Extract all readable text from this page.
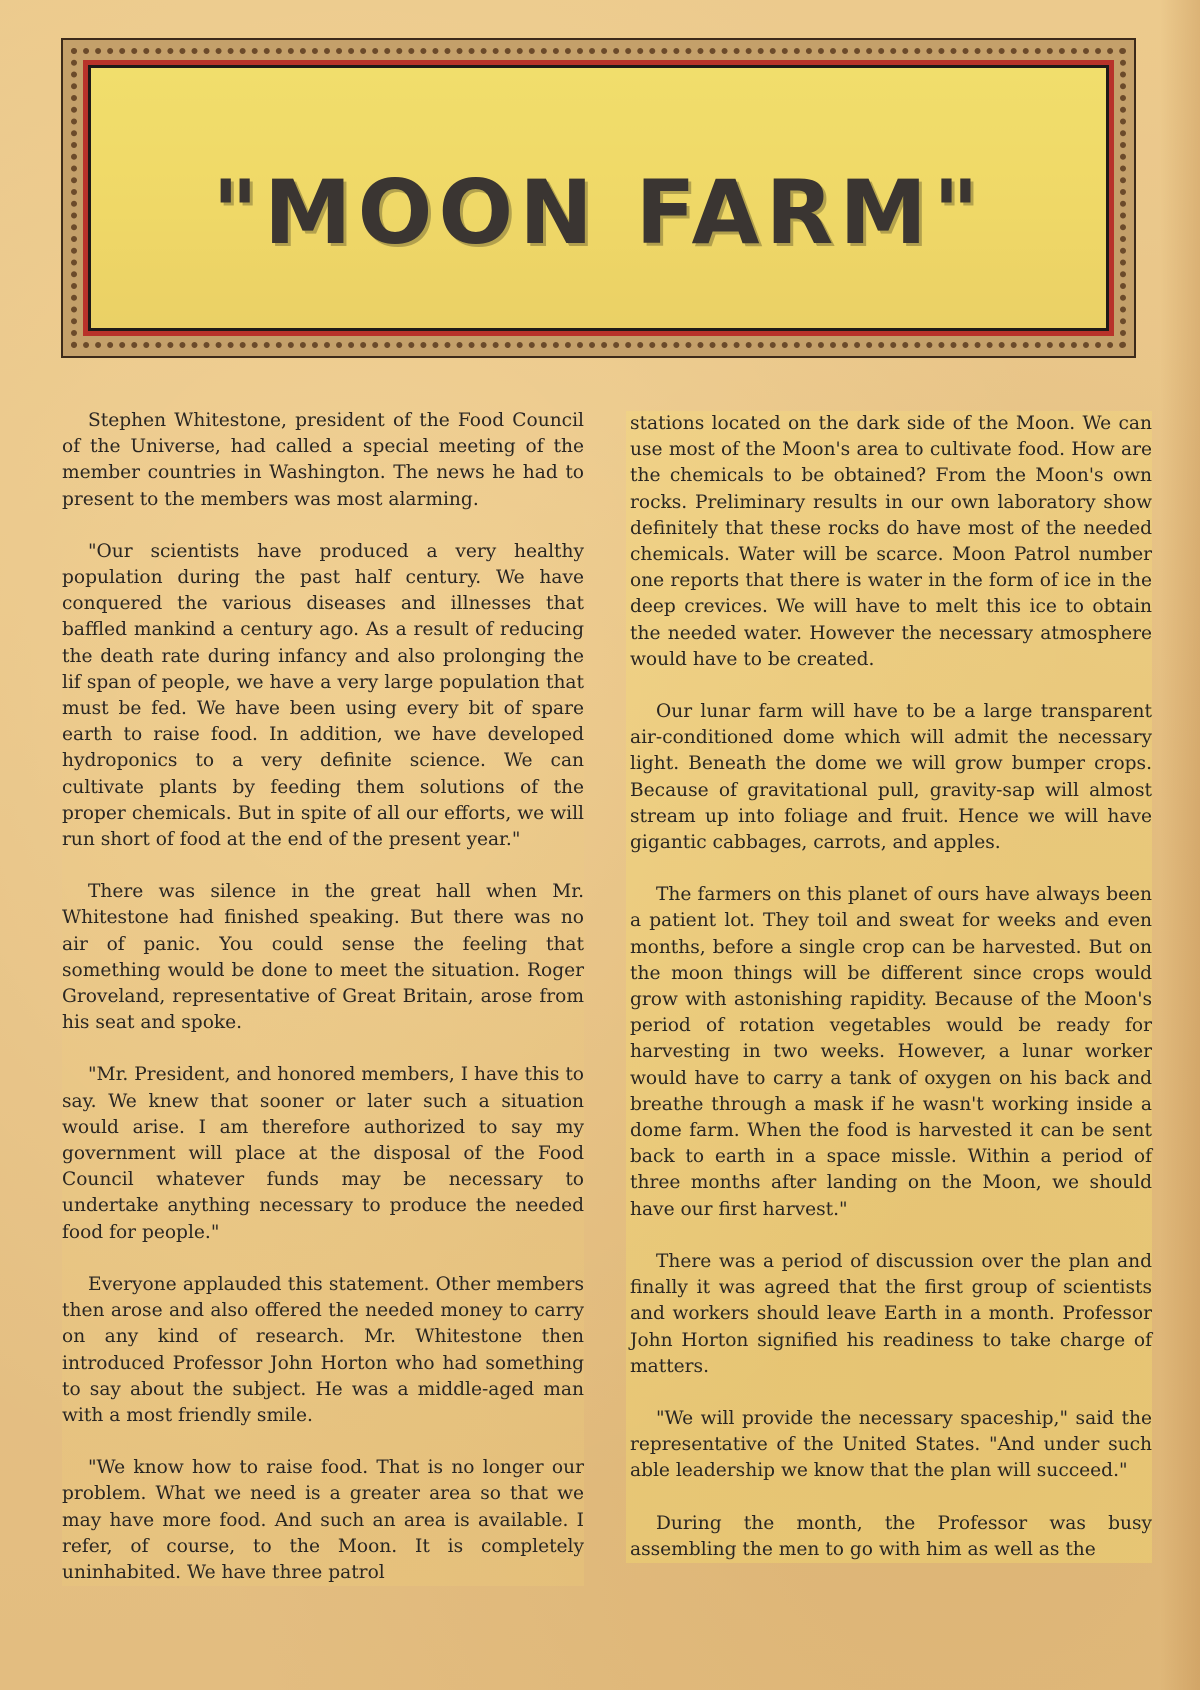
"MOON FARM"

Stephen Whitestone, president of the Food Council of the Universe, had called a special meeting of the member countries in Washington. The news he had to present to the members was most alarming.

"Our scientists have produced a very healthy population during the past half century. We have conquered the various diseases and illnesses that baffled mankind a century ago. As a result of reducing the death rate during infancy and also prolonging the lif span of people, we have a very large population that must be fed. We have been using every bit of spare earth to raise food. In addition, we have developed hydroponics to a very definite science. We can cultivate plants by feeding them solutions of the proper chemicals. But in spite of all our efforts, we will run short of food at the end of the present year."

There was silence in the great hall when Mr. Whitestone had finished speaking. But there was no air of panic. You could sense the feeling that something would be done to meet the situation. Roger Groveland, representative of Great Britain, arose from his seat and spoke.

"Mr. President, and honored members, I have this to say. We knew that sooner or later such a situation would arise. I am therefore authorized to say my government will place at the disposal of the Food Council whatever funds may be necessary to undertake anything necessary to produce the needed food for people."

Everyone applauded this statement. Other members then arose and also offered the needed money to carry on any kind of research. Mr. Whitestone then introduced Professor John Horton who had something to say about the subject. He was a middle-aged man with a most friendly smile.

"We know how to raise food. That is no longer our problem. What we need is a greater area so that we may have more food. And such an area is available. I refer, of course, to the Moon. It is completely uninhabited. We have three patrol

stations located on the dark side of the Moon. We can use most of the Moon's area to cultivate food. How are the chemicals to be obtained? From the Moon's own rocks. Preliminary results in our own laboratory show definitely that these rocks do have most of the needed chemicals. Water will be scarce. Moon Patrol number one reports that there is water in the form of ice in the deep crevices. We will have to melt this ice to obtain the needed water. However the necessary atmosphere would have to be created.

Our lunar farm will have to be a large transparent air-conditioned dome which will admit the necessary light. Beneath the dome we will grow bumper crops. Because of gravitational pull, gravity-sap will almost stream up into foliage and fruit. Hence we will have gigantic cabbages, carrots, and apples.

The farmers on this planet of ours have always been a patient lot. They toil and sweat for weeks and even months, before a single crop can be harvested. But on the moon things will be different since crops would grow with astonishing rapidity. Because of the Moon's period of rotation vegetables would be ready for harvesting in two weeks. However, a lunar worker would have to carry a tank of oxygen on his back and breathe through a mask if he wasn't working inside a dome farm. When the food is harvested it can be sent back to earth in a space missle. Within a period of three months after landing on the Moon, we should have our first harvest."

There was a period of discussion over the plan and finally it was agreed that the first group of scientists and workers should leave Earth in a month. Professor John Horton signified his readiness to take charge of matters.

"We will provide the necessary spaceship," said the representative of the United States. "And under such able leadership we know that the plan will succeed."

During the month, the Professor was busy assembling the men to go with him as well as the
